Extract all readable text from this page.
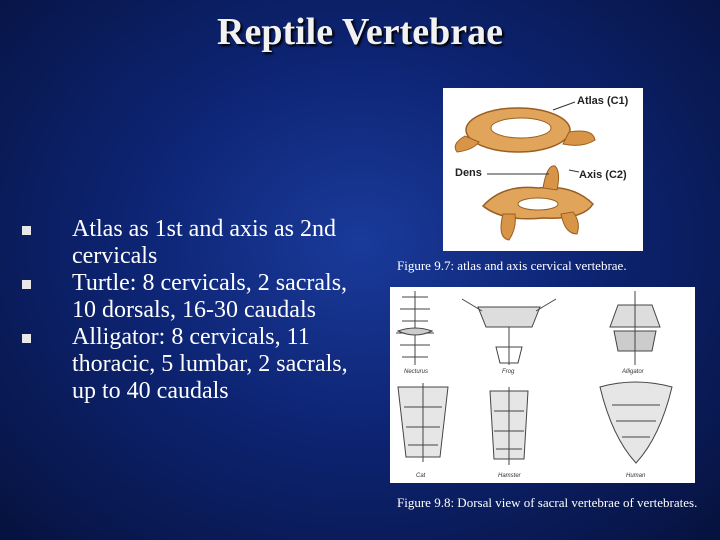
Reptile Vertebrae
Atlas as 1st and axis as 2nd cervicals
Turtle: 8 cervicals, 2 sacrals, 10 dorsals, 16-30 caudals
Alligator: 8 cervicals, 11 thoracic, 5 lumbar, 2 sacrals, up to 40 caudals
Atlas (C1)
Dens	Axis (C2)
Figure 9.7: atlas and axis cervical vertebrae.
Necturus	Frog	Alligator
Cat	Hamster	Human
Figure 9.8: Dorsal view of sacral vertebrae of vertebrates.
